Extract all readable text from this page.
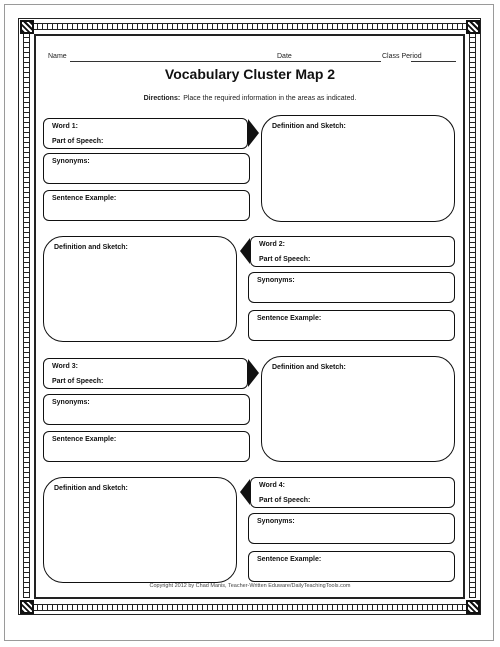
Name	Date	Class Period
Vocabulary Cluster Map 2
Directions: Place the required information in the areas as indicated.
Word 1:
Part of Speech:
Synonyms:
Sentence Example:
Definition and Sketch:
Definition and Sketch:	Word 2:
Part of Speech:
Synonyms:
Sentence Example:
Word 3:
Part of Speech:
Synonyms:
Sentence Example:
Definition and Sketch:
Definition and Sketch:	Word 4:
Part of Speech:
Synonyms:
Sentence Example:
Copyright 2012 by Chad Manis, Teacher-Written Eduware/DailyTeachingTools.com
